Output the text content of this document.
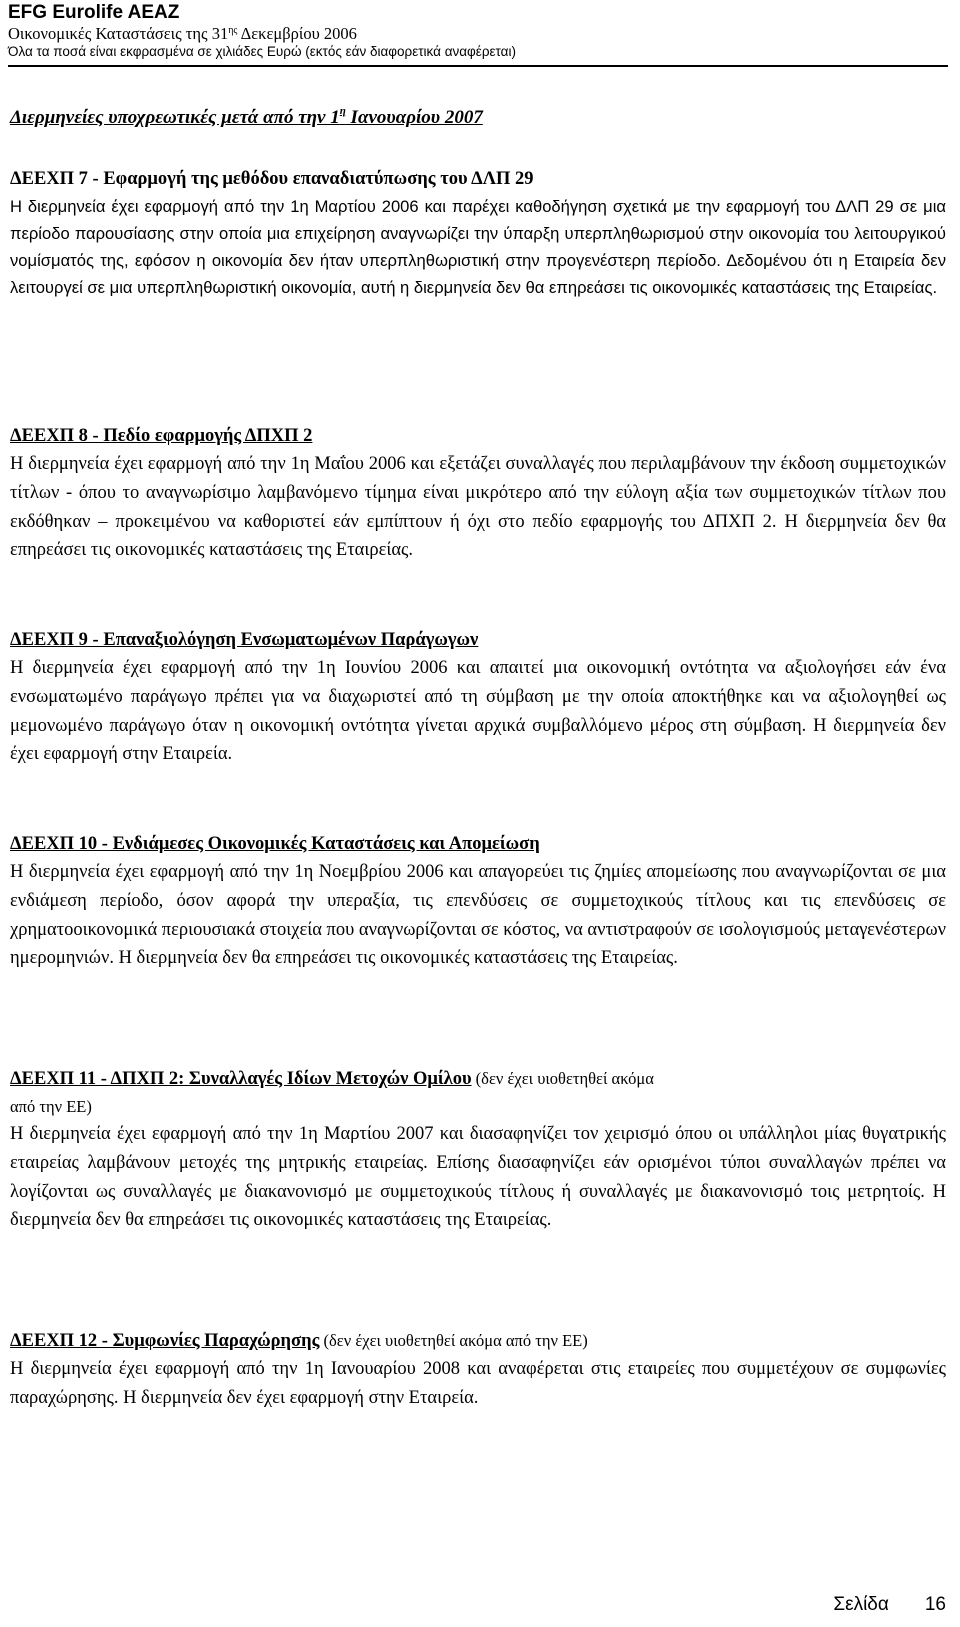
EFG Eurolife AEAZ
Οικονομικές Καταστάσεις της $31^{\eta\varsigma}$ Δεκεμβρίου 2006
Όλα τα ποσά είναι εκφρασμένα σε χιλιάδες Ευρώ (εκτός εάν διαφορετικά αναφέρεται)
Διερμηνείες υποχρεωτικές μετά από την $1^\eta$ Ιανουαρίου 2007
ΔΕΕΧΠ 7 - Εφαρμογή της μεθόδου επαναδιατύπωσης του ΔΛΠ 29
Η διερμηνεία έχει εφαρμογή από την 1η Μαρτίου 2006 και παρέχει καθοδήγηση σχετικά με την εφαρμογή του ΔΛΠ 29 σε μια περίοδο παρουσίασης στην οποία μια επιχείρηση αναγνωρίζει την ύπαρξη υπερπληθωρισμού στην οικονομία του λειτουργικού νομίσματός της, εφόσον η οικονομία δεν ήταν υπερπληθωριστική στην προγενέστερη περίοδο. Δεδομένου ότι η Εταιρεία δεν λειτουργεί σε μια υπερπληθωριστική οικονομία, αυτή η διερμηνεία δεν θα επηρεάσει τις οικονομικές καταστάσεις της Εταιρείας.
ΔΕΕΧΠ 8 - Πεδίο εφαρμογής ΔΠΧΠ 2
Η διερμηνεία έχει εφαρμογή από την 1η Μαΐου 2006 και εξετάζει συναλλαγές που περιλαμβάνουν την έκδοση συμμετοχικών τίτλων - όπου το αναγνωρίσιμο λαμβανόμενο τίμημα είναι μικρότερο από την εύλογη αξία των συμμετοχικών τίτλων που εκδόθηκαν – προκειμένου να καθοριστεί εάν εμπίπτουν ή όχι στο πεδίο εφαρμογής του ΔΠΧΠ 2. Η διερμηνεία δεν θα επηρεάσει τις οικονομικές καταστάσεις της Εταιρείας.
ΔΕΕΧΠ 9 - Επαναξιολόγηση Ενσωματωμένων Παράγωγων
Η διερμηνεία έχει εφαρμογή από την 1η Ιουνίου 2006 και απαιτεί μια οικονομική οντότητα να αξιολογήσει εάν ένα ενσωματωμένο παράγωγο πρέπει για να διαχωριστεί από τη σύμβαση με την οποία αποκτήθηκε και να αξιολογηθεί ως μεμονωμένο παράγωγο όταν η οικονομική οντότητα γίνεται αρχικά συμβαλλόμενο μέρος στη σύμβαση. Η διερμηνεία δεν έχει εφαρμογή στην Εταιρεία.
ΔΕΕΧΠ 10 - Ενδιάμεσες Οικονομικές Καταστάσεις και Απομείωση
Η διερμηνεία έχει εφαρμογή από την 1η Νοεμβρίου 2006 και απαγορεύει τις ζημίες απομείωσης που αναγνωρίζονται σε μια ενδιάμεση περίοδο, όσον αφορά την υπεραξία, τις επενδύσεις σε συμμετοχικούς τίτλους και τις επενδύσεις σε χρηματοοικονομικά περιουσιακά στοιχεία που αναγνωρίζονται σε κόστος, να αντιστραφούν σε ισολογισμούς μεταγενέστερων ημερομηνιών. Η διερμηνεία δεν θα επηρεάσει τις οικονομικές καταστάσεις της Εταιρείας.
ΔΕΕΧΠ 11 - ΔΠΧΠ 2: Συναλλαγές Ιδίων Μετοχών Ομίλου (δεν έχει υιοθετηθεί ακόμα
από την ΕΕ)
Η διερμηνεία έχει εφαρμογή από την 1η Μαρτίου 2007 και διασαφηνίζει τον χειρισμό όπου οι υπάλληλοι μίας θυγατρικής εταιρείας λαμβάνουν μετοχές της μητρικής εταιρείας. Επίσης διασαφηνίζει εάν ορισμένοι τύποι συναλλαγών πρέπει να λογίζονται ως συναλλαγές με διακανονισμό με συμμετοχικούς τίτλους ή συναλλαγές με διακανονισμό τοις μετρητοίς. Η διερμηνεία δεν θα επηρεάσει τις οικονομικές καταστάσεις της Εταιρείας.
ΔΕΕΧΠ 12 - Συμφωνίες Παραχώρησης (δεν έχει υιοθετηθεί ακόμα από την ΕΕ)
Η διερμηνεία έχει εφαρμογή από την 1η Ιανουαρίου 2008 και αναφέρεται στις εταιρείες που συμμετέχουν σε συμφωνίες παραχώρησης. Η διερμηνεία δεν έχει εφαρμογή στην Εταιρεία.
Σελίδα 16
